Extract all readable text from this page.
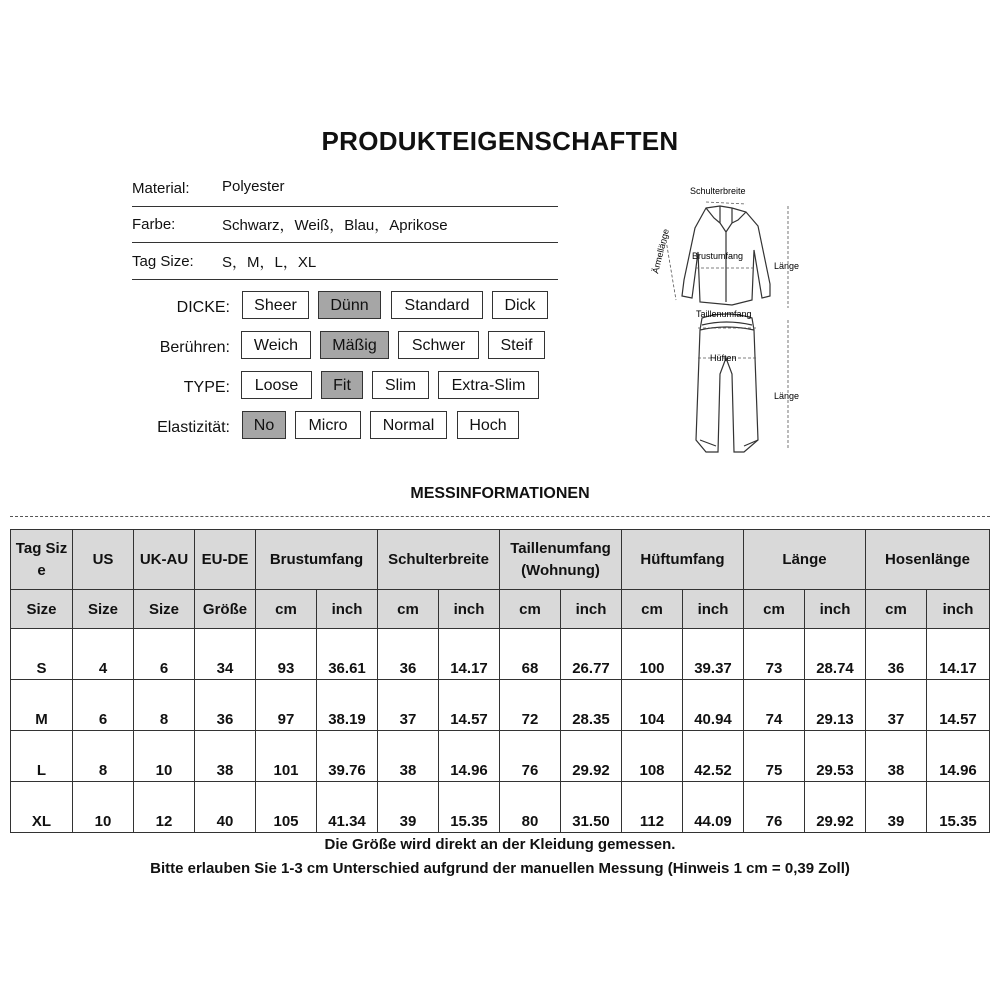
PRODUKTEIGENSCHAFTEN
Material: Polyester
Farbe:	Schwarz，Weiß，Blau，Aprikose
Tag Size: S，M，L，XL
DICKE:	Sheer	Dünn	Standard	Dick
Berühren:	Weich	Mäßig	Schwer	Steif
TYPE:	Loose	Fit	Slim	Extra-Slim
Elastizität:	No	Micro	Normal	Hoch
Schulterbreite
Ärmellänge Brustumfang
Länge
Taillenumfang
Hüften
Länge
MESSINFORMATIONEN
Tag Size	US	UK-AU	EU-DE	Brustumfang		Schulterbreite		Taillenumfang (Wohnung)		Hüftumfang		Länge		Hosenlänge	
Size	Size	Size	Größe	cm	inch	cm	inch	cm	inch	cm	inch	cm	inch	cm	inch
S	4	6	34	93	36.61	36	14.17	68	26.77	100	39.37	73	28.74	36	14.17
M	6	8	36	97	38.19	37	14.57	72	28.35	104	40.94	74	29.13	37	14.57
L	8	10	38	101	39.76	38	14.96	76	29.92	108	42.52	75	29.53	38	14.96
XL	10	12	40	105	41.34	39	15.35	80	31.50	112	44.09	76	29.92	39	15.35
Die Größe wird direkt an der Kleidung gemessen.
Bitte erlauben Sie 1-3 cm Unterschied aufgrund der manuellen Messung (Hinweis 1 cm = 0,39 Zoll)
